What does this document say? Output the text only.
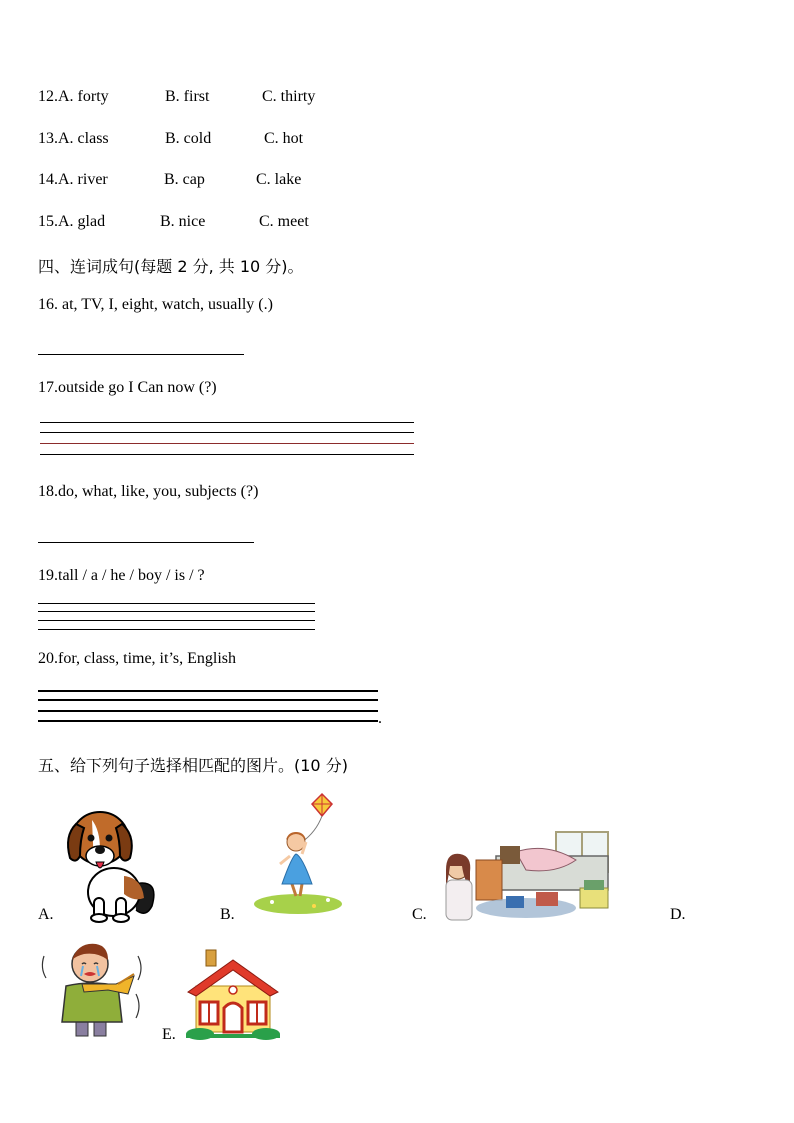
12.A. forty	B. first	C. thirty
13.A. class	B. cold	C. hot
14.A. river	B. cap	C. lake
15.A. glad	B. nice	C. meet
四、连词成句(每题 2 分, 共 10 分)。
16. at, TV, I, eight, watch, usually (.)
17.outside go I Can now (?)
18.do, what, like, you, subjects (?)
19.tall / a / he / boy / is / ?
20.for, class, time, it’s, English
.
五、给下列句子选择相匹配的图片。(10 分)
A.	B.	C.	D.
E.
